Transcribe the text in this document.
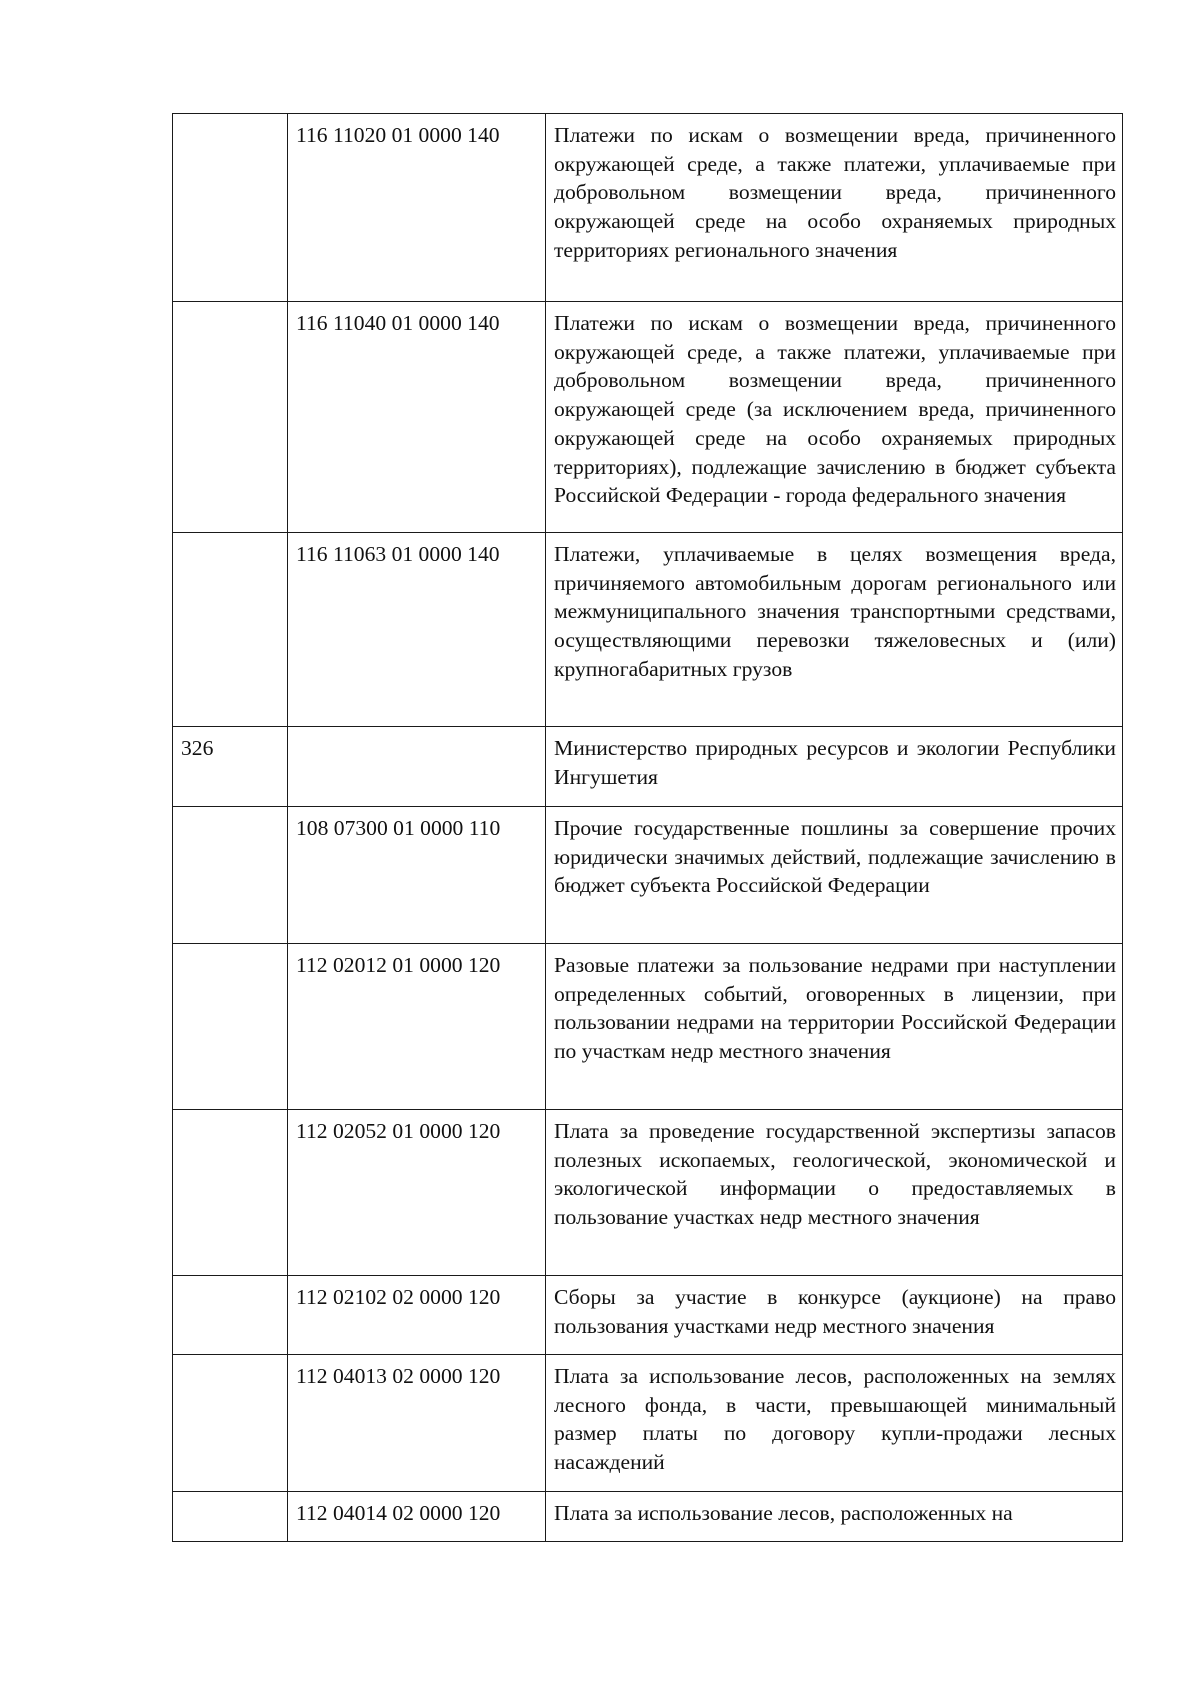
	116 11020 01 0000 140	Платежи по искам о возмещении вреда, причиненного окружающей среде, а также платежи, уплачиваемые при добровольном возмещении вреда, причиненного окружающей среде на особо охраняемых природных территориях регионального значения
	116 11040 01 0000 140	Платежи по искам о возмещении вреда, причиненного окружающей среде, а также платежи, уплачиваемые при добровольном возмещении вреда, причиненного окружающей среде (за исключением вреда, причиненного окружающей среде на особо охраняемых природных территориях), подлежащие зачислению в бюджет субъекта Российской Федерации - города федерального значения
	116 11063 01 0000 140	Платежи, уплачиваемые в целях возмещения вреда, причиняемого автомобильным дорогам регионального или межмуниципального значения транспортными средствами, осуществляющими перевозки тяжеловесных и (или) крупногабаритных грузов
326		Министерство природных ресурсов и экологии Республики Ингушетия
	108 07300 01 0000 110	Прочие государственные пошлины за совершение прочих юридически значимых действий, подлежащие зачислению в бюджет субъекта Российской Федерации
	112 02012 01 0000 120	Разовые платежи за пользование недрами при наступлении определенных событий, оговоренных в лицензии, при пользовании недрами на территории Российской Федерации по участкам недр местного значения
	112 02052 01 0000 120	Плата за проведение государственной экспертизы запасов полезных ископаемых, геологической, экономической и экологической информации о предоставляемых в пользование участках недр местного значения
	112 02102 02 0000 120	Сборы за участие в конкурсе (аукционе) на право пользования участками недр местного значения
	112 04013 02 0000 120	Плата за использование лесов, расположенных на землях лесного фонда, в части, превышающей минимальный размер платы по договору купли-продажи лесных насаждений
	112 04014 02 0000 120	Плата за использование лесов, расположенных на
